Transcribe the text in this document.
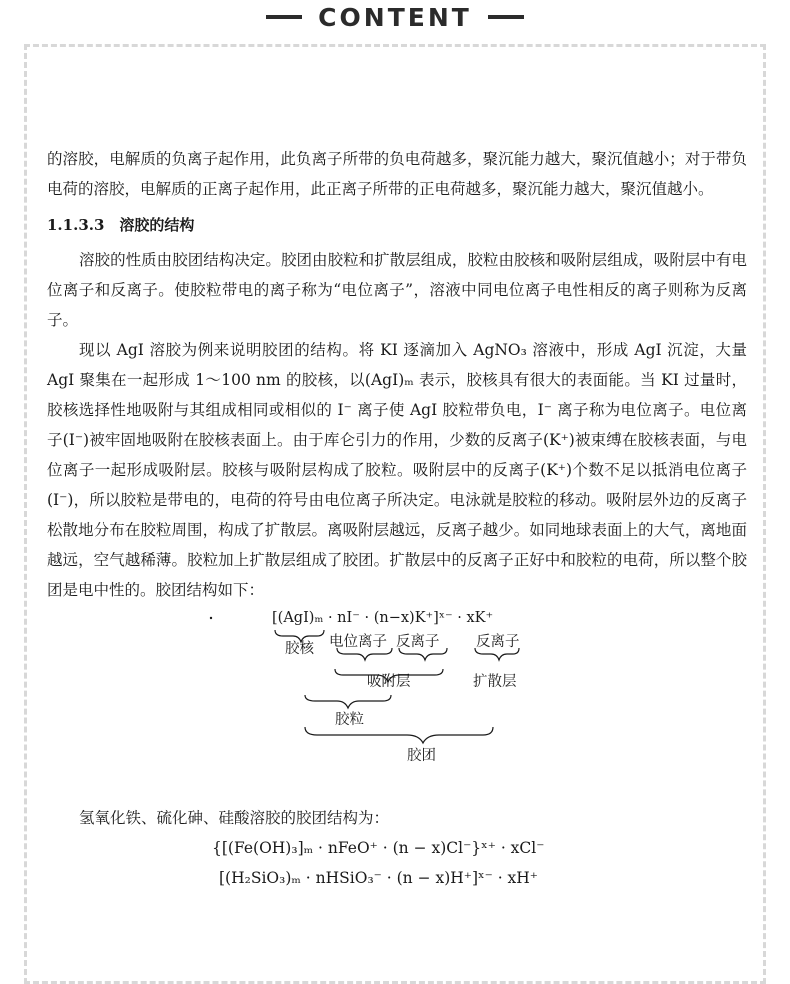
CONTENT

的溶胶，电解质的负离子起作用，此负离子所带的负电荷越多，聚沉能力越大，聚沉值越小；对于带负电荷的溶胶，电解质的正离子起作用，此正离子所带的正电荷越多，聚沉能力越大，聚沉值越小。

1.1.3.3　溶胶的结构

溶胶的性质由胶团结构决定。胶团由胶粒和扩散层组成，胶粒由胶核和吸附层组成，吸附层中有电位离子和反离子。使胶粒带电的离子称为“电位离子”，溶液中同电位离子电性相反的离子则称为反离子。

现以 AgI 溶胶为例来说明胶团的结构。将 KI 逐滴加入 AgNO₃ 溶液中，形成 AgI 沉淀，大量 AgI 聚集在一起形成 1～100 nm 的胶核，以(AgI)ₘ 表示，胶核具有很大的表面能。当 KI 过量时，胶核选择性地吸附与其组成相同或相似的 I⁻ 离子使 AgI 胶粒带负电，I⁻ 离子称为电位离子。电位离子(I⁻)被牢固地吸附在胶核表面上。由于库仑引力的作用，少数的反离子(K⁺)被束缚在胶核表面，与电位离子一起形成吸附层。胶核与吸附层构成了胶粒。吸附层中的反离子(K⁺)个数不足以抵消电位离子(I⁻)，所以胶粒是带电的，电荷的符号由电位离子所决定。电泳就是胶粒的移动。吸附层外边的反离子松散地分布在胶粒周围，构成了扩散层。离吸附层越远，反离子越少。如同地球表面上的大气，离地面越远，空气越稀薄。胶粒加上扩散层组成了胶团。扩散层中的反离子正好中和胶粒的电荷，所以整个胶团是电中性的。胶团结构如下：

[(AgI)ₘ · nI⁻ · (n−x)K⁺]ˣ⁻ · xK⁺
胶核 电位离子 反离子	反离子
吸附层	扩散层
胶粒
胶团

氢氧化铁、硫化砷、硅酸溶胶的胶团结构为：

{[(Fe(OH)₃]ₘ · nFeO⁺ · (n − x)Cl⁻}ˣ⁺ · xCl⁻

[(H₂SiO₃)ₘ · nHSiO₃⁻ · (n − x)H⁺]ˣ⁻ · xH⁺
